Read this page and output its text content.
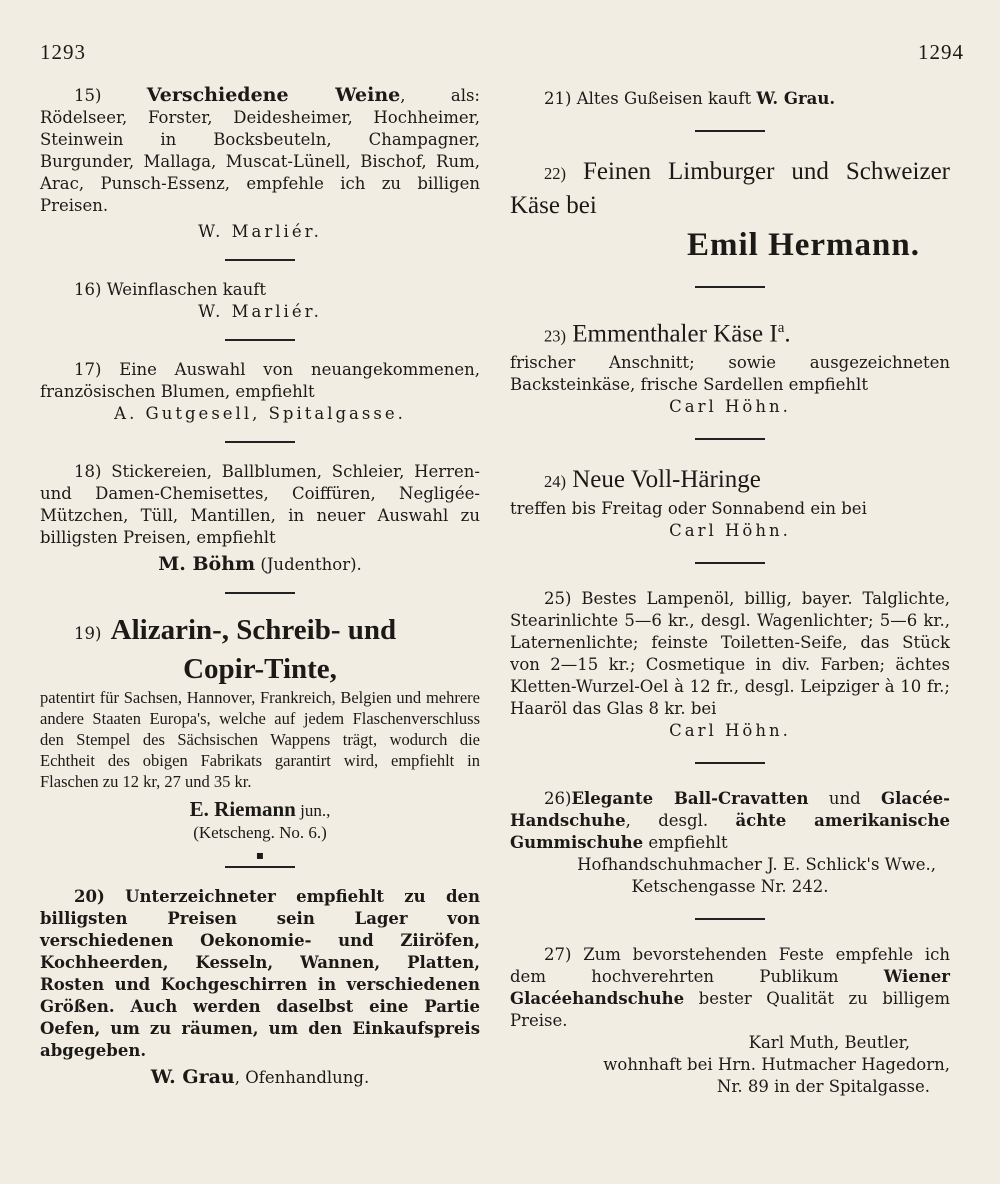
1293	1294

15) Verschiedene Weine, als:

Rödelseer, Forster, Deidesheimer, Hochheimer, Steinwein in Bocksbeuteln, Champagner, Burgunder, Mallaga, Muscat-Lünell, Bischof, Rum, Arac, Punsch-Essenz, empfehle ich zu billigen Preisen.

W. Marliér.

16) Weinflaschen kauft

W. Marliér.

17) Eine Auswahl von neuangekommenen, französischen Blumen, empfiehlt

A. Gutgesell, Spitalgasse.

18) Stickereien, Ballblumen, Schleier, Herren- und Damen-Chemisettes, Coiffüren, Negligée-Mützchen, Tüll, Mantillen, in neuer Auswahl zu billigsten Preisen, empfiehlt

M. Böhm (Judenthor).

19) Alizarin-, Schreib- und

Copir-Tinte,

patentirt für Sachsen, Hannover, Frankreich, Belgien und mehrere andere Staaten Europa's, welche auf jedem Flaschenverschluss den Stempel des Sächsischen Wappens trägt, wodurch die Echtheit des obigen Fabrikats garantirt wird, empfiehlt in Flaschen zu 12 kr, 27 und 35 kr.

E. Riemann jun.,

(Ketscheng. No. 6.)

▪

20) Unterzeichneter empfiehlt zu den billigsten Preisen sein Lager von verschiedenen Oekonomie- und Ziiröfen, Kochheerden, Kesseln, Wannen, Platten, Rosten und Kochgeschirren in verschiedenen Größen. Auch werden daselbst eine Partie Oefen, um zu räumen, um den Einkaufspreis abgegeben.

W. Grau, Ofenhandlung.

21) Altes Gußeisen kauft W. Grau.

22) Feinen Limburger und Schweizer Käse bei

Emil Hermann.

23) Emmenthaler Käse $I^a$.

frischer Anschnitt; sowie ausgezeichneten Backsteinkäse, frische Sardellen empfiehlt

Carl Höhn.

24) Neue Voll-Häringe

treffen bis Freitag oder Sonnabend ein bei

Carl Höhn.

25) Bestes Lampenöl, billig, bayer. Talglichte, Stearinlichte 5—6 kr., desgl. Wagenlichter; 5—6 kr., Laternenlichte; feinste Toiletten-Seife, das Stück von 2—15 kr.; Cosmetique in div. Farben; ächtes Kletten-Wurzel-Oel à 12 fr., desgl. Leipziger à 10 fr.; Haaröl das Glas 8 kr. bei

Carl Höhn.

26)Elegante Ball-Cravatten und Glacée-Handschuhe, desgl. ächte amerikanische Gummischuhe empfiehlt

Hofhandschuhmacher J. E. Schlick's Wwe.,

Ketschengasse Nr. 242.

27) Zum bevorstehenden Feste empfehle ich dem hochverehrten Publikum Wiener Glacéehandschuhe bester Qualität zu billigem Preise.

Karl Muth, Beutler,

wohnhaft bei Hrn. Hutmacher Hagedorn,

Nr. 89 in der Spitalgasse.
